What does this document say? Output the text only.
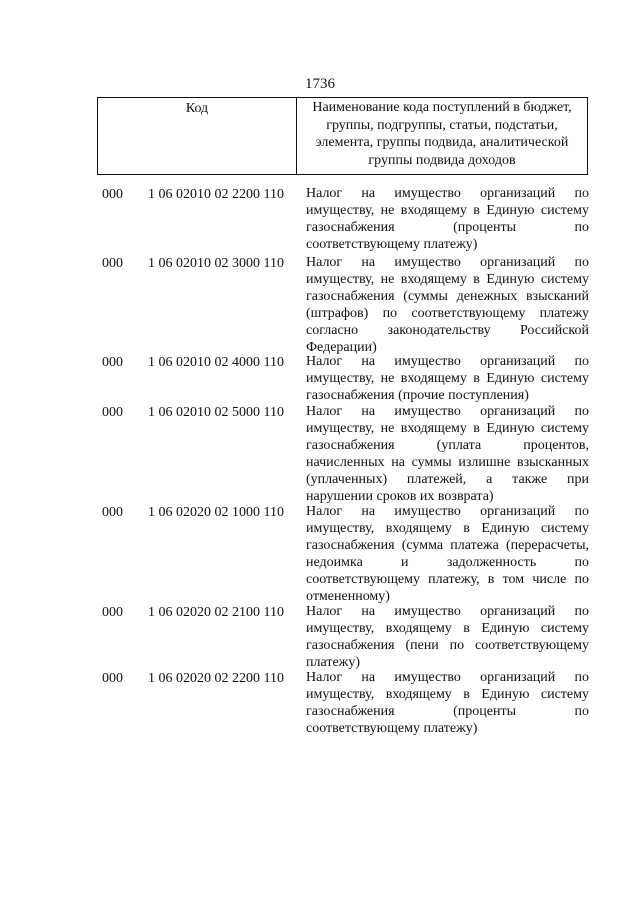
1736
Код	Наименование кода поступлений в бюджет,
группы, подгруппы, статьи, подстатьи,
элемента, группы подвида, аналитической
группы подвида доходов
000	1 06 02010 02 2200 110	Налог на имущество организаций по
имуществу, не входящему в Единую систему
газоснабжения (проценты по
соответствующему платежу)
000	1 06 02010 02 3000 110	Налог на имущество организаций по
имуществу, не входящему в Единую систему
газоснабжения (суммы денежных взысканий
(штрафов) по соответствующему платежу
согласно законодательству Российской
Федерации)
000	1 06 02010 02 4000 110	Налог на имущество организаций по
имуществу, не входящему в Единую систему
газоснабжения (прочие поступления)
000	1 06 02010 02 5000 110	Налог на имущество организаций по
имуществу, не входящему в Единую систему
газоснабжения (уплата процентов,
начисленных на суммы излишне взысканных
(уплаченных) платежей, а также при
нарушении сроков их возврата)
000	1 06 02020 02 1000 110	Налог на имущество организаций по
имуществу, входящему в Единую систему
газоснабжения (сумма платежа (перерасчеты,
недоимка и задолженность по
соответствующему платежу, в том числе по
отмененному)
000	1 06 02020 02 2100 110	Налог на имущество организаций по
имуществу, входящему в Единую систему
газоснабжения (пени по соответствующему
платежу)
000	1 06 02020 02 2200 110	Налог на имущество организаций по
имуществу, входящему в Единую систему
газоснабжения (проценты по
соответствующему платежу)
